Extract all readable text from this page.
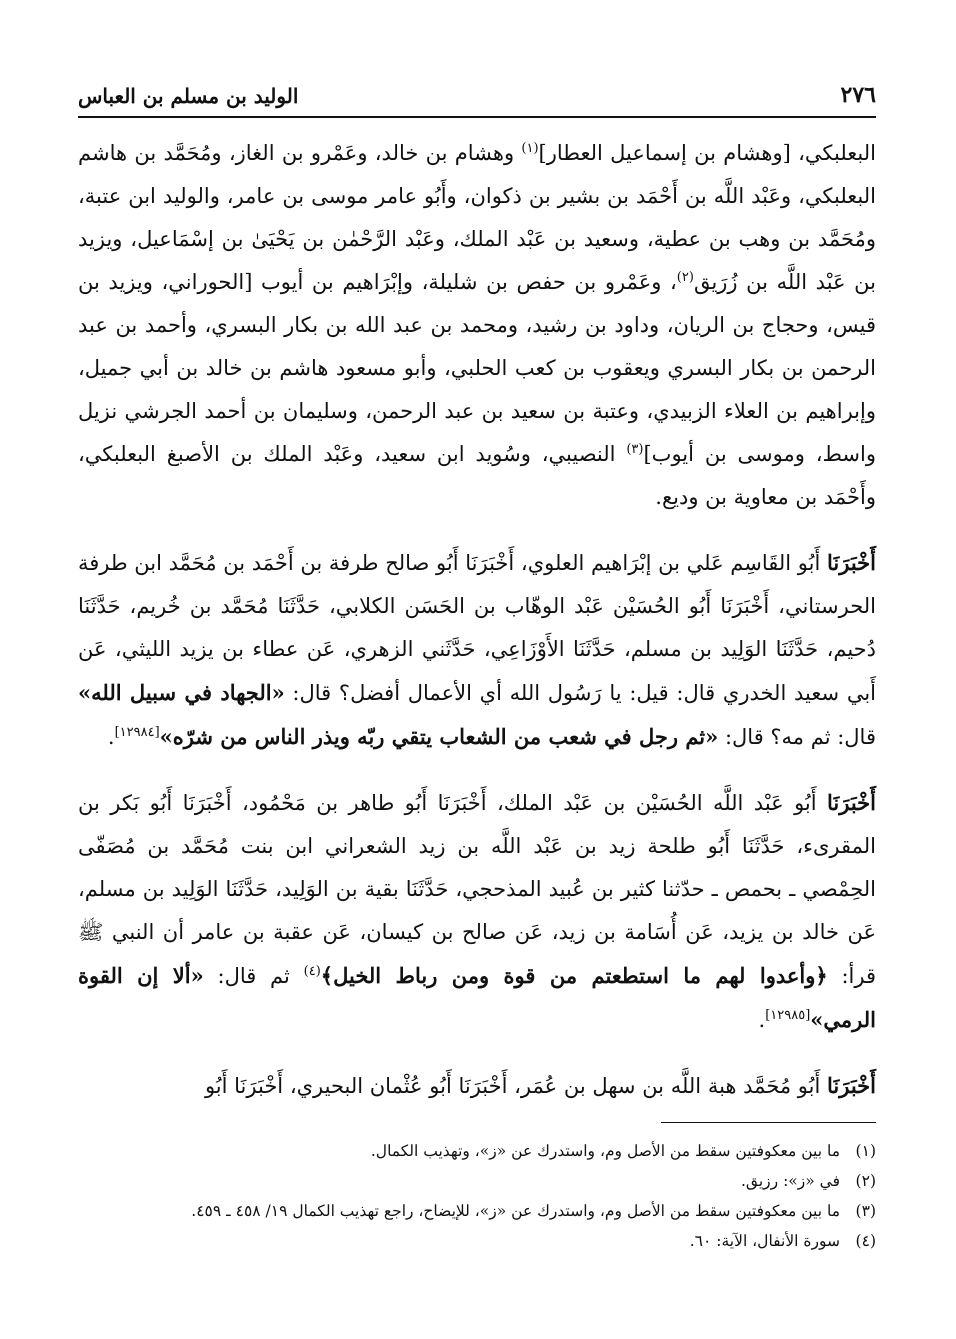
٢٧٦
الوليد بن مسلم بن العباس

البعلبكي، [وهشام بن إسماعيل العطار]$^{(١)}$ وهشام بن خالد، وعَمْرو بن الغاز، ومُحَمَّد بن هاشم البعلبكي، وعَبْد اللَّه بن أَحْمَد بن بشير بن ذكوان، وأَبُو عامر موسى بن عامر، والوليد ابن عتبة، ومُحَمَّد بن وهب بن عطية، وسعيد بن عَبْد الملك، وعَبْد الرَّحْمٰن بن يَحْيَىٰ بن إسْمَاعيل، ويزيد بن عَبْد اللَّه بن زُرَيق$^{(٢)}$، وعَمْرو بن حفص بن شليلة، وإبْرَاهيم بن أيوب [الحوراني، ويزيد بن قيس، وحجاج بن الريان، وداود بن رشيد، ومحمد بن عبد الله بن بكار البسري، وأحمد بن عبد الرحمن بن بكار البسري ويعقوب بن كعب الحلبي، وأبو مسعود هاشم بن خالد بن أبي جميل، وإبراهيم بن العلاء الزبيدي، وعتبة بن سعيد بن عبد الرحمن، وسليمان بن أحمد الجرشي نزيل واسط، وموسى بن أيوب]$^{(٣)}$ النصيبي، وسُويد ابن سعيد، وعَبْد الملك بن الأصبغ البعلبكي، وأَحْمَد بن معاوية بن وديع.

أَخْبَرَنَا أَبُو القَاسِم عَلي بن إبْرَاهيم العلوي، أَخْبَرَنَا أَبُو صالح طرفة بن أَحْمَد بن مُحَمَّد ابن طرفة الحرستاني، أَخْبَرَنَا أَبُو الحُسَيْن عَبْد الوهّاب بن الحَسَن الكلابي، حَدَّثَنَا مُحَمَّد بن خُريم، حَدَّثَنَا دُحيم، حَدَّثَنَا الوَلِيد بن مسلم، حَدَّثَنَا الأَوْزَاعِي، حَدَّثَني الزهري، عَن عطاء بن يزيد الليثي، عَن أَبي سعيد الخدري قال: قيل: يا رَسُول الله أي الأعمال أفضل؟ قال: «الجهاد في سبيل الله» قال: ثم مه؟ قال: «ثم رجل في شعب من الشعاب يتقي ربّه ويذر الناس من شرّه»[١٢٩٨٤].

أَخْبَرَنَا أَبُو عَبْد اللَّه الحُسَيْن بن عَبْد الملك، أَخْبَرَنَا أَبُو طاهر بن مَحْمُود، أَخْبَرَنَا أَبُو بَكر بن المقرىء، حَدَّثَنَا أَبُو طلحة زيد بن عَبْد اللَّه بن زيد الشعراني ابن بنت مُحَمَّد بن مُصَفّى الحِمْصي ـ بحمص ـ حدّثنا كثير بن عُبيد المذحجي، حَدَّثَنَا بقية بن الوَلِيد، حَدَّثَنَا الوَلِيد بن مسلم، عَن خالد بن يزيد، عَن أُسَامة بن زيد، عَن صالح بن كيسان، عَن عقبة بن عامر أن النبي ﷺ قرأ: ﴿وأعدوا لهم ما استطعتم من قوة ومن رباط الخيل﴾$^{(٤)}$ ثم قال: «ألا إن القوة الرمي»[١٢٩٨٥].

أَخْبَرَنَا أَبُو مُحَمَّد هبة اللَّه بن سهل بن عُمَر، أَخْبَرَنَا أَبُو عُثْمان البحيري، أَخْبَرَنَا أَبُو

(١)
ما بين معكوفتين سقط من الأصل وم، واستدرك عن «ز»، وتهذيب الكمال.
(٢)
في «ز»: رزيق.
(٣)
ما بين معكوفتين سقط من الأصل وم، واستدرك عن «ز»، للإيضاح، راجع تهذيب الكمال ١٩/ ٤٥٨ ـ ٤٥٩.
(٤)
سورة الأنفال، الآية: ٦٠.
